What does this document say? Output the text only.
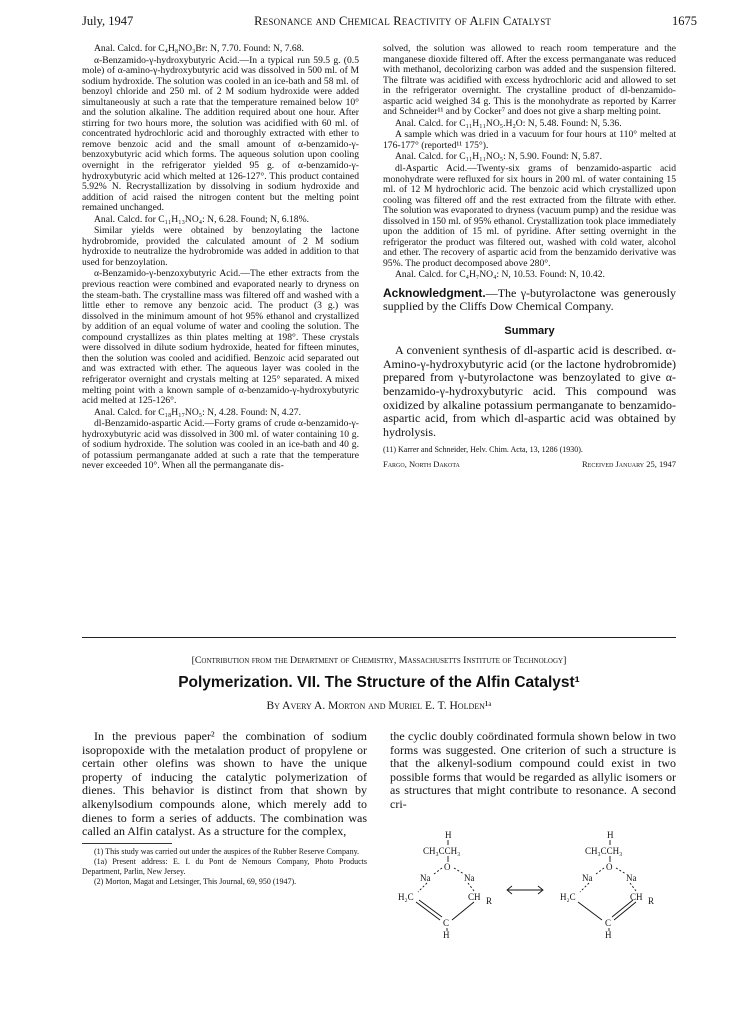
July, 1947	Resonance and Chemical Reactivity of Alfin Catalyst	1675

Anal. Calcd. for C₄H₈NO₃Br: N, 7.70. Found: N, 7.68.

α-Benzamido-γ-hydroxybutyric Acid.—In a typical run 59.5 g. (0.5 mole) of α-amino-γ-hydroxybutyric acid was dissolved in 500 ml. of M sodium hydroxide. The solution was cooled in an ice-bath and 58 ml. of benzoyl chloride and 250 ml. of 2 M sodium hydroxide were added simultaneously at such a rate that the temperature remained below 10° and the solution alkaline. The addition required about one hour. After stirring for two hours more, the solution was acidified with 60 ml. of concentrated hydrochloric acid and thoroughly extracted with ether to remove benzoic acid and the small amount of α-benzamido-γ-benzoxybutyric acid which forms. The aqueous solution upon cooling overnight in the refrigerator yielded 95 g. of α-benzamido-γ-hydroxybutyric acid which melted at 126-127°. This product contained 5.92% N. Recrystallization by dissolving in sodium hydroxide and addition of acid raised the nitrogen content but the melting point remained unchanged.

Anal. Calcd. for C₁₁H₁₃NO₄: N, 6.28. Found; N, 6.18%.

Similar yields were obtained by benzoylating the lactone hydrobromide, provided the calculated amount of 2 M sodium hydroxide to neutralize the hydrobromide was added in addition to that used for benzoylation.

α-Benzamido-γ-benzoxybutyric Acid.—The ether extracts from the previous reaction were combined and evaporated nearly to dryness on the steam-bath. The crystalline mass was filtered off and washed with a little ether to remove any benzoic acid. The product (3 g.) was dissolved in the minimum amount of hot 95% ethanol and crystallized by addition of an equal volume of water and cooling the solution. The compound crystallizes as thin plates melting at 198°. These crystals were dissolved in dilute sodium hydroxide, heated for fifteen minutes, then the solution was cooled and acidified. Benzoic acid separated out and was extracted with ether. The aqueous layer was cooled in the refrigerator overnight and crystals melting at 125° separated. A mixed melting point with a known sample of α-benzamido-γ-hydroxybutyric acid melted at 125-126°.

Anal. Calcd. for C₁₈H₁₇NO₅: N, 4.28. Found: N, 4.27.

dl-Benzamido-aspartic Acid.—Forty grams of crude α-benzamido-γ-hydroxybutyric acid was dissolved in 300 ml. of water containing 10 g. of sodium hydroxide. The solution was cooled in an ice-bath and 40 g. of potassium permanganate added at such a rate that the temperature never exceeded 10°. When all the permanganate dis-

solved, the solution was allowed to reach room temperature and the manganese dioxide filtered off. After the excess permanganate was reduced with methanol, decolorizing carbon was added and the suspension filtered. The filtrate was acidified with excess hydrochloric acid and allowed to set in the refrigerator overnight. The crystalline product of dl-benzamido-aspartic acid weighed 34 g. This is the monohydrate as reported by Karrer and Schneider¹¹ and by Cocker⁷ and does not give a sharp melting point.

Anal. Calcd. for C₁₁H₁₁NO₅.H₂O: N, 5.48. Found: N, 5.36.

A sample which was dried in a vacuum for four hours at 110° melted at 176-177° (reported¹¹ 175°).

Anal. Calcd. for C₁₁H₁₁NO₅: N, 5.90. Found: N, 5.87.

dl-Aspartic Acid.—Twenty-six grams of benzamido-aspartic acid monohydrate were refluxed for six hours in 200 ml. of water containing 15 ml. of 12 M hydrochloric acid. The benzoic acid which crystallized upon cooling was filtered off and the rest extracted from the filtrate with ether. The solution was evaporated to dryness (vacuum pump) and the residue was dissolved in 150 ml. of 95% ethanol. Crystallization took place immediately upon the addition of 15 ml. of pyridine. After setting overnight in the refrigerator the product was filtered out, washed with cold water, alcohol and ether. The recovery of aspartic acid from the benzamido derivative was 95%. The product decomposed above 280°.

Anal. Calcd. for C₄H₇NO₄: N, 10.53. Found: N, 10.42.

Acknowledgment.—The γ-butyrolactone was generously supplied by the Cliffs Dow Chemical Company.

Summary

A convenient synthesis of dl-aspartic acid is described. α-Amino-γ-hydroxybutyric acid (or the lactone hydrobromide) prepared from γ-butyrolactone was benzoylated to give α-benzamido-γ-hydroxybutyric acid. This compound was oxidized by alkaline potassium permanganate to benzamido-aspartic acid, from which dl-aspartic acid was obtained by hydrolysis.

(11) Karrer and Schneider, Helv. Chim. Acta, 13, 1286 (1930).

Fargo, North Dakota	Received January 25, 1947

[Contribution from the Department of Chemistry, Massachusetts Institute of Technology]
Polymerization. VII. The Structure of the Alfin Catalyst¹
By Avery A. Morton and Muriel E. T. Holden¹ᵃ

In the previous paper² the combination of sodium isopropoxide with the metalation product of propylene or certain other olefins was shown to have the unique property of inducing the catalytic polymerization of dienes. This behavior is distinct from that shown by alkenylsodium compounds alone, which merely add to dienes to form a series of adducts. The combination was called an Alfin catalyst. As a structure for the complex,

(1) This study was carried out under the auspices of the Rubber Reserve Company.

(1a) Present address: E. I. du Pont de Nemours Company, Photo Products Department, Parlin, New Jersey.

(2) Morton, Magat and Letsinger, This Journal, 69, 950 (1947).

the cyclic doubly coördinated formula shown below in two forms was suggested. One criterion of such a structure is that the alkenyl-sodium compound could exist in two possible forms that would be regarded as allylic isomers or as structures that might contribute to resonance. A second cri-

H
CH₃CCH₃
O
Na	Na
H₂C	CH R
C
H
H
CH₃CCH₃
O
Na	Na
H₂C	CH R
C
H
